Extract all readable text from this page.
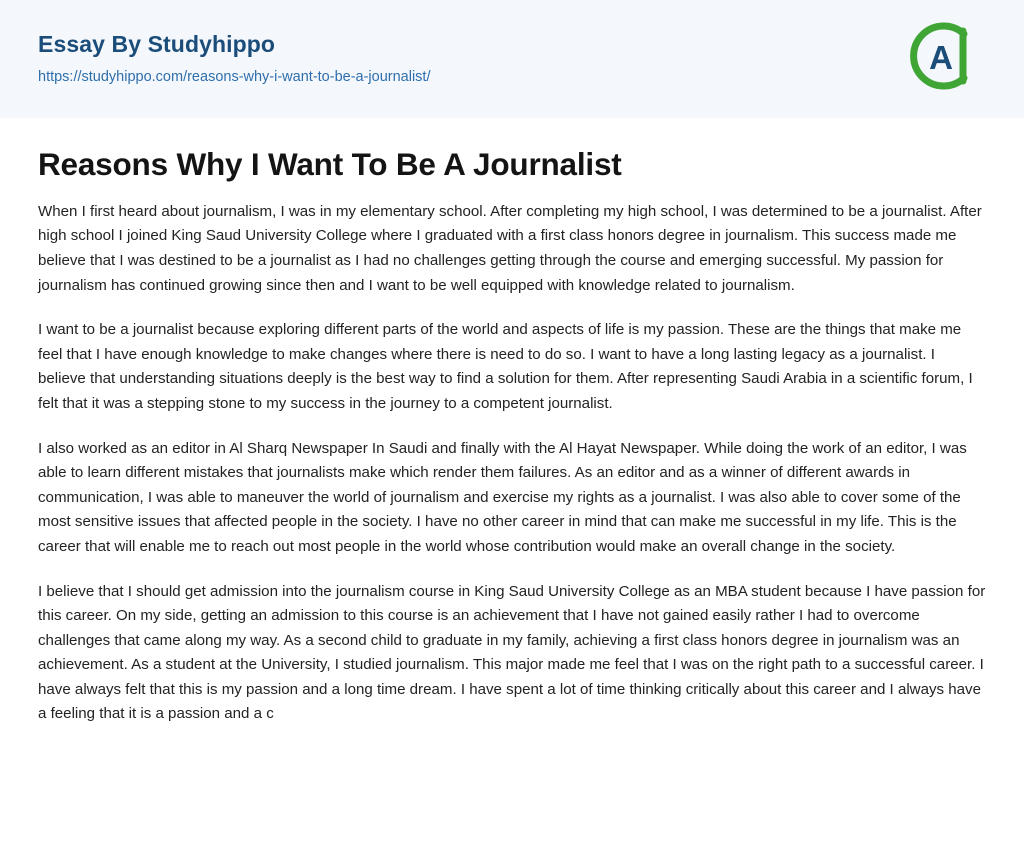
Essay By Studyhippo
https://studyhippo.com/reasons-why-i-want-to-be-a-journalist/
A
Reasons Why I Want To Be A Journalist

When I first heard about journalism, I was in my elementary school. After completing my high school, I was determined to be a journalist. After high school I joined King Saud University College where I graduated with a first class honors degree in journalism. This success made me believe that I was destined to be a journalist as I had no challenges getting through the course and emerging successful. My passion for journalism has continued growing since then and I want to be well equipped with knowledge related to journalism.

I want to be a journalist because exploring different parts of the world and aspects of life is my passion. These are the things that make me feel that I have enough knowledge to make changes where there is need to do so. I want to have a long lasting legacy as a journalist. I believe that understanding situations deeply is the best way to find a solution for them. After representing Saudi Arabia in a scientific forum, I felt that it was a stepping stone to my success in the journey to a competent journalist.

I also worked as an editor in Al Sharq Newspaper In Saudi and finally with the Al Hayat Newspaper. While doing the work of an editor, I was able to learn different mistakes that journalists make which render them failures. As an editor and as a winner of different awards in communication, I was able to maneuver the world of journalism and exercise my rights as a journalist. I was also able to cover some of the most sensitive issues that affected people in the society. I have no other career in mind that can make me successful in my life. This is the career that will enable me to reach out most people in the world whose contribution would make an overall change in the society.

I believe that I should get admission into the journalism course in King Saud University College as an MBA student because I have passion for this career. On my side, getting an admission to this course is an achievement that I have not gained easily rather I had to overcome challenges that came along my way. As a second child to graduate in my family, achieving a first class honors degree in journalism was an achievement. As a student at the University, I studied journalism. This major made me feel that I was on the right path to a successful career. I have always felt that this is my passion and a long time dream. I have spent a lot of time thinking critically about this career and I always have a feeling that it is a passion and a c
